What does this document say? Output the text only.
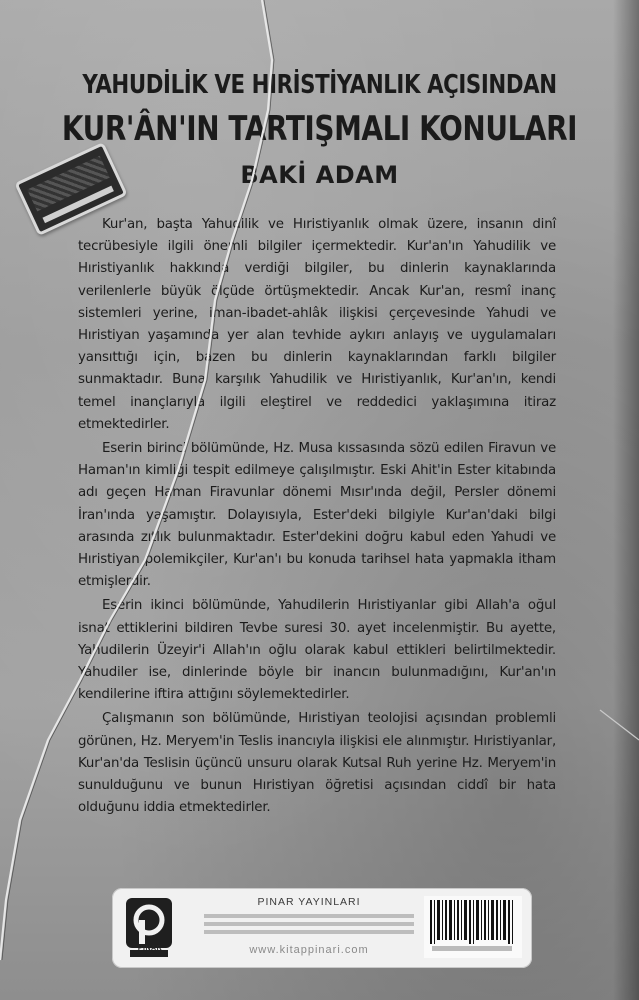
YAHUDİLİK VE HIRİSTİYANLIK AÇISINDAN
KUR'ÂN'IN TARTIŞMALI KONULARI
BAKİ ADAM

Kur'an, başta Yahudilik ve Hıristiyanlık olmak üzere, insanın dinî tecrübesiyle ilgili önemli bilgiler içermektedir. Kur'an'ın Yahudilik ve Hıristiyanlık hakkında verdiği bilgiler, bu dinlerin kaynaklarında verilenlerle büyük ölçüde örtüşmektedir. Ancak Kur'an, resmî inanç sistemleri yerine, iman-ibadet-ahlâk ilişkisi çerçevesinde Yahudi ve Hıristiyan yaşamında yer alan tevhide aykırı anlayış ve uygulamaları yansıttığı için, bazen bu dinlerin kaynaklarından farklı bilgiler sunmaktadır. Buna karşılık Yahudilik ve Hıristiyanlık, Kur'an'ın, kendi temel inançlarıyla ilgili eleştirel ve reddedici yaklaşımına itiraz etmektedirler.

Eserin birinci bölümünde, Hz. Musa kıssasında sözü edilen Firavun ve Haman'ın kimliği tespit edilmeye çalışılmıştır. Eski Ahit'in Ester kitabında adı geçen Haman Firavunlar dönemi Mısır'ında değil, Persler dönemi İran'ında yaşamıştır. Dolayısıyla, Ester'deki bilgiyle Kur'an'daki bilgi arasında zıtlık bulunmaktadır. Ester'dekini doğru kabul eden Yahudi ve Hıristiyan polemikçiler, Kur'an'ı bu konuda tarihsel hata yapmakla itham etmişlerdir.

Eserin ikinci bölümünde, Yahudilerin Hıristiyanlar gibi Allah'a oğul isnat ettiklerini bildiren Tevbe suresi 30. ayet incelenmiştir. Bu ayette, Yahudilerin Üzeyir'i Allah'ın oğlu olarak kabul ettikleri belirtilmektedir. Yahudiler ise, dinlerinde böyle bir inancın bulunmadığını, Kur'an'ın kendilerine iftira attığını söylemektedirler.

Çalışmanın son bölümünde, Hıristiyan teolojisi açısından problemli görünen, Hz. Meryem'in Teslis inancıyla ilişkisi ele alınmıştır. Hıristiyanlar, Kur'an'da Teslisin üçüncü unsuru olarak Kutsal Ruh yerine Hz. Meryem'in sunulduğunu ve bunun Hıristiyan öğretisi açısından ciddî bir hata olduğunu iddia etmektedirler.

PINAR
PINAR YAYINLARI
www.kitappinari.com
